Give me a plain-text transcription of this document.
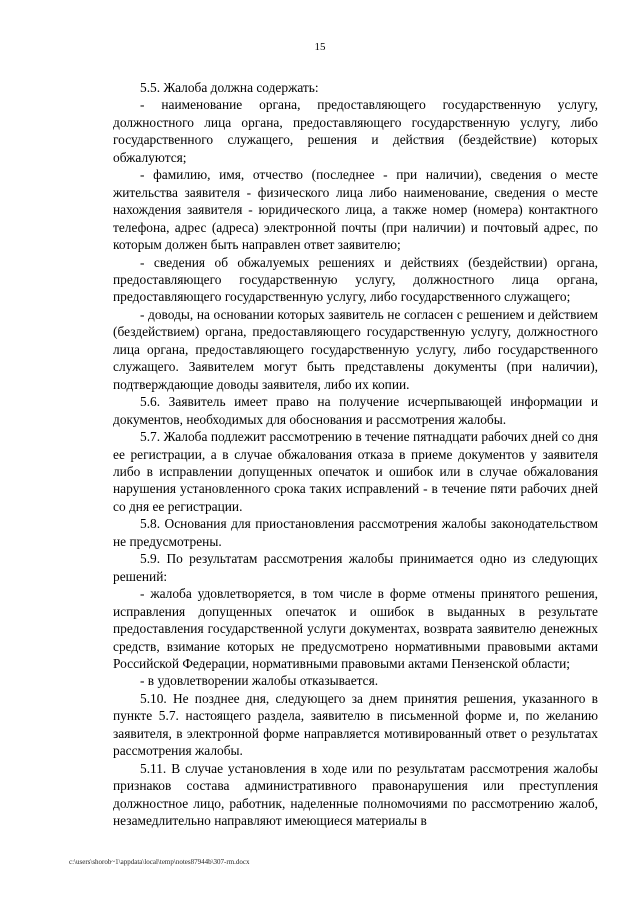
15

5.5. Жалоба должна содержать:

- наименование органа, предоставляющего государственную услугу, должностного лица органа, предоставляющего государственную услугу, либо государственного служащего, решения и действия (бездействие) которых обжалуются;

- фамилию, имя, отчество (последнее - при наличии), сведения о месте жительства заявителя - физического лица либо наименование, сведения о месте нахождения заявителя - юридического лица, а также номер (номера) контактного телефона, адрес (адреса) электронной почты (при наличии) и почтовый адрес, по которым должен быть направлен ответ заявителю;

- сведения об обжалуемых решениях и действиях (бездействии) органа, предоставляющего государственную услугу, должностного лица органа, предоставляющего государственную услугу, либо государственного служащего;

- доводы, на основании которых заявитель не согласен с решением и действием (бездействием) органа, предоставляющего государственную услугу, должностного лица органа, предоставляющего государственную услугу, либо государственного служащего. Заявителем могут быть представлены документы (при наличии), подтверждающие доводы заявителя, либо их копии.

5.6. Заявитель имеет право на получение исчерпывающей информации и документов, необходимых для обоснования и рассмотрения жалобы.

5.7. Жалоба подлежит рассмотрению в течение пятнадцати рабочих дней со дня ее регистрации, а в случае обжалования отказа в приеме документов у заявителя либо в исправлении допущенных опечаток и ошибок или в случае обжалования нарушения установленного срока таких исправлений - в течение пяти рабочих дней со дня ее регистрации.

5.8. Основания для приостановления рассмотрения жалобы законодательством не предусмотрены.

5.9. По результатам рассмотрения жалобы принимается одно из следующих решений:

- жалоба удовлетворяется, в том числе в форме отмены принятого решения, исправления допущенных опечаток и ошибок в выданных в результате предоставления государственной услуги документах, возврата заявителю денежных средств, взимание которых не предусмотрено нормативными правовыми актами Российской Федерации, нормативными правовыми актами Пензенской области;

- в удовлетворении жалобы отказывается.

5.10. Не позднее дня, следующего за днем принятия решения, указанного в пункте 5.7. настоящего раздела, заявителю в письменной форме и, по желанию заявителя, в электронной форме направляется мотивированный ответ о результатах рассмотрения жалобы.

5.11. В случае установления в ходе или по результатам рассмотрения жалобы признаков состава административного правонарушения или преступления должностное лицо, работник, наделенные полномочиями по рассмотрению жалоб, незамедлительно направляют имеющиеся материалы в

c:\users\shorob~1\appdata\local\temp\notes87944b\307-rm.docx
